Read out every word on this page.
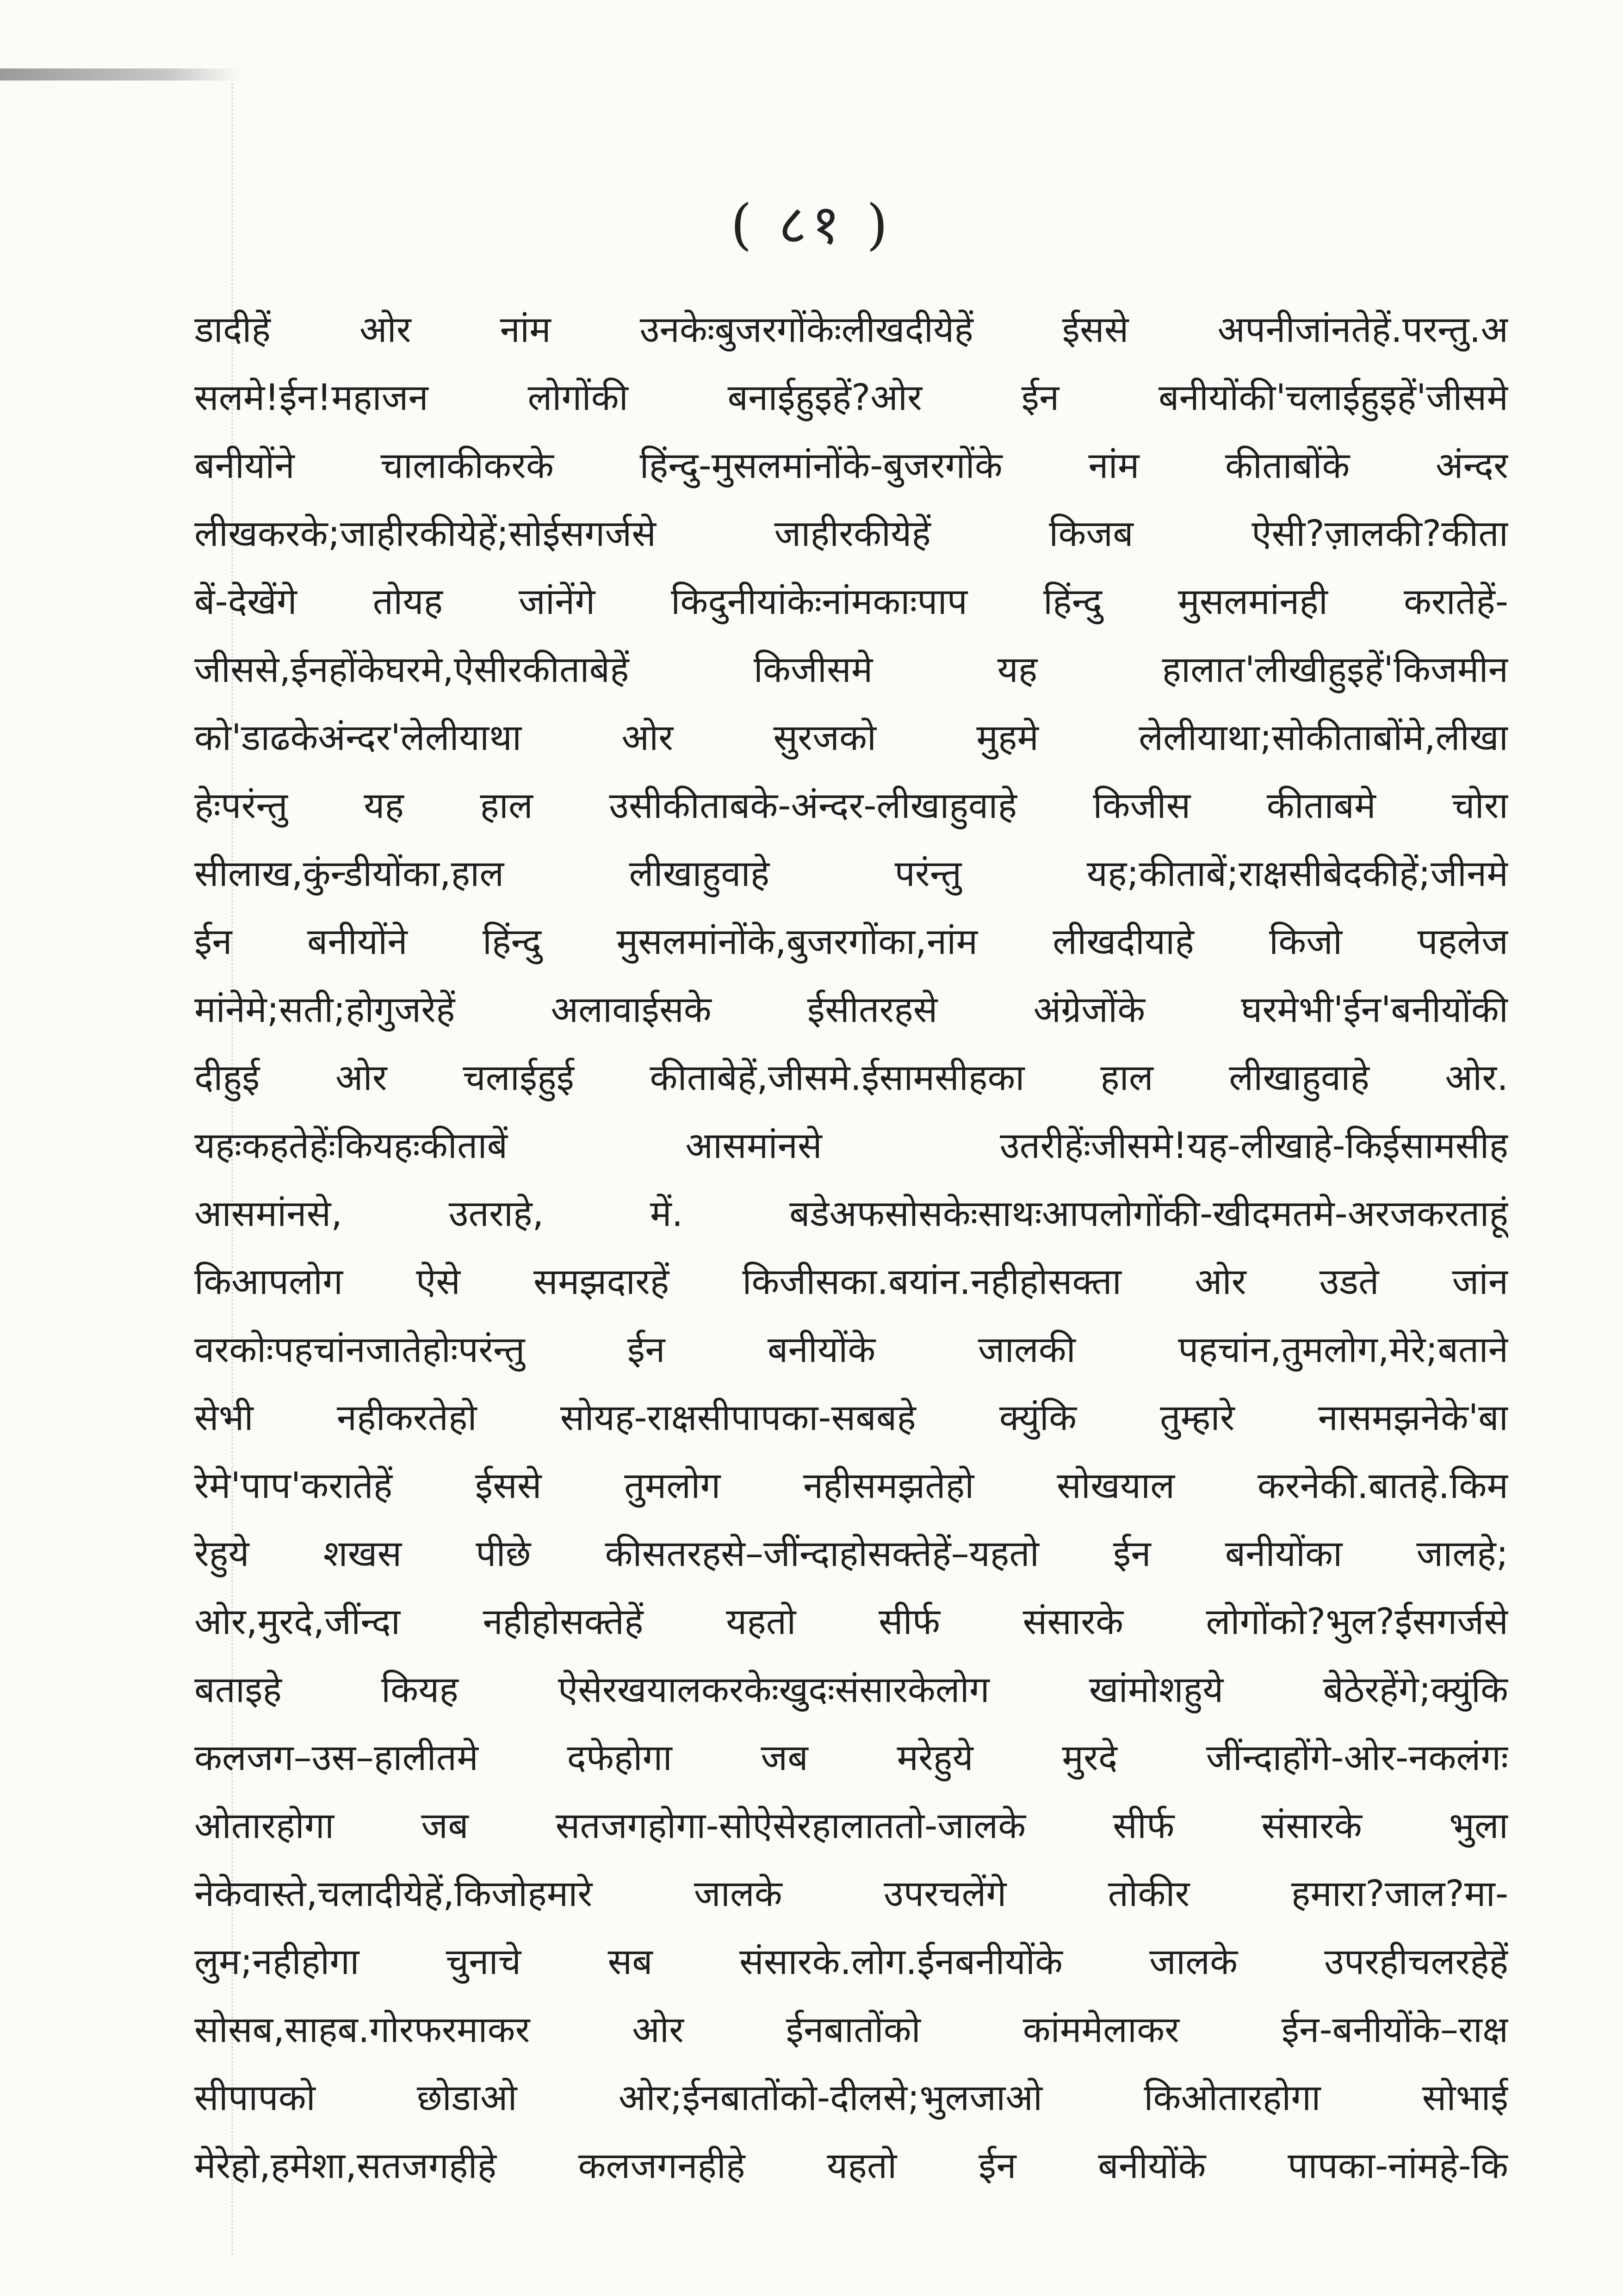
( ८१ )
डादीहें ओर नांम उनकेःबुजरगोंकेःलीखदीयेहें ईससे अपनीजांनतेहें.परन्तु.अ
सलमे!ईन!महाजन लोगोंकी बनाईहुइहें?ओर ईन बनीयोंकी'चलाईहुइहें'जीसमे
बनीयोंने चालाकीकरके हिंन्दु-मुसलमांनोंके-बुजरगोंके नांम कीताबोंके अंन्दर
लीखकरके;जाहीरकीयेहें;सोईसगर्जसे जाहीरकीयेहें किजब ऐसी?ज़ालकी?कीता
बें-देखेंगे तोयह जांनेंगे किदुनीयांकेःनांमकाःपाप हिंन्दु मुसलमांनही करातेहें-
जीससे,ईनहोंकेघरमे,ऐसीरकीताबेहें किजीसमे यह हालात'लीखीहुइहें'किजमीन
को'डाढकेअंन्दर'लेलीयाथा ओर सुरजको मुहमे लेलीयाथा;सोकीताबोंमे,लीखा
हेःपरंन्तु यह हाल उसीकीताबके-अंन्दर-लीखाहुवाहे किजीस कीताबमे चोरा
सीलाख,कुंन्डीयोंका,हाल लीखाहुवाहे परंन्तु यह;कीताबें;राक्षसीबेदकीहें;जीनमे
ईन बनीयोंने हिंन्दु मुसलमांनोंके,बुजरगोंका,नांम लीखदीयाहे किजो पहलेज
मांनेमे;सती;होगुजरेहें अलावाईसके ईसीतरहसे अंग्रेजोंके घरमेभी'ईन'बनीयोंकी
दीहुई ओर चलाईहुई कीताबेहें,जीसमे.ईसामसीहका हाल लीखाहुवाहे ओर.
यहःकहतेहेंःकियहःकीताबें आसमांनसे उतरीहेंःजीसमे!यह-लीखाहे-किईसामसीह
आसमांनसे, उतराहे, में. बडेअफसोसकेःसाथःआपलोगोंकी-खीदमतमे-अरजकरताहूं
किआपलोग ऐसे समझदारहें किजीसका.बयांन.नहीहोसक्ता ओर उडते जांन
वरकोःपहचांनजातेहोःपरंन्तु ईन बनीयोंके जालकी पहचांन,तुमलोग,मेरे;बताने
सेभी नहीकरतेहो सोयह-राक्षसीपापका-सबबहे क्युंकि तुम्हारे नासमझनेके'बा
रेमे'पाप'करातेहें ईससे तुमलोग नहीसमझतेहो सोखयाल करनेकी.बातहे.किम
रेहुये शखस पीछे कीसतरहसे–जींन्दाहोसक्तेहें–यहतो ईन बनीयोंका जालहे;
ओर,मुरदे,जींन्दा नहीहोसक्तेहें यहतो सीर्फ संसारके लोगोंको?भुल?ईसगर्जसे
बताइहे कियह ऐसेरखयालकरकेःखुदःसंसारकेलोग खांमोशहुये बेठेरहेंगे;क्युंकि
कलजग–उस–हालीतमे दफेहोगा जब मरेहुये मुरदे जींन्दाहोंगे-ओर-नकलंगः
ओतारहोगा जब सतजगहोगा-सोऐसेरहालाततो-जालके सीर्फ संसारके भुला
नेकेवास्ते,चलादीयेहें,किजोहमारे जालके उपरचलेंगे तोकीर हमारा?जाल?मा-
लुम;नहीहोगा चुनाचे सब संसारके.लोग.ईनबनीयोंके जालके उपरहीचलरहेहें
सोसब,साहब.गोरफरमाकर ओर ईनबातोंको कांममेलाकर ईन-बनीयोंके–राक्ष
सीपापको छोडाओ ओर;ईनबातोंको-दीलसे;भुलजाओ किओतारहोगा सोभाई
मेरेहो,हमेशा,सतजगहीहे कलजगनहीहे यहतो ईन बनीयोंके पापका-नांमहे-कि
